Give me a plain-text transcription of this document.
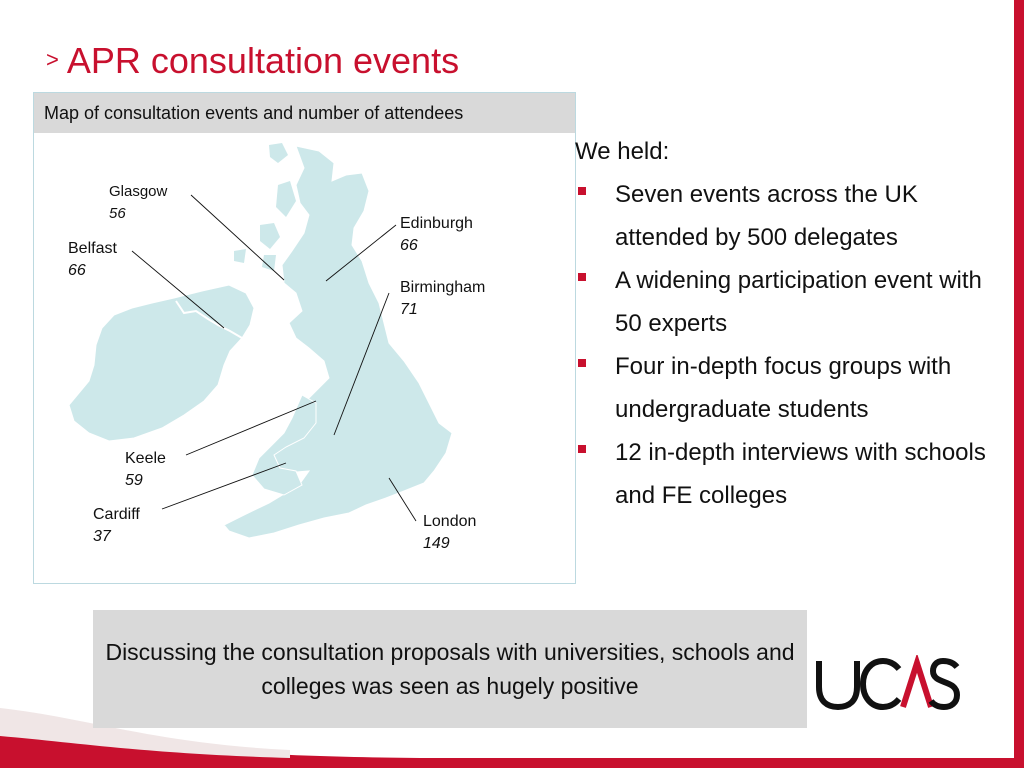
> APR consultation events
Map of consultation events and number of attendees
Glasgow
56
Belfast
66
Edinburgh
66
Birmingham
71
Keele
59
Cardiff
37
London
149
We held:
Seven events across the UK attended by 500 delegates
A widening participation event with 50 experts
Four in-depth focus groups with undergraduate students
12 in-depth interviews with schools and FE colleges
Discussing the consultation proposals with universities, schools and colleges was seen as hugely positive
